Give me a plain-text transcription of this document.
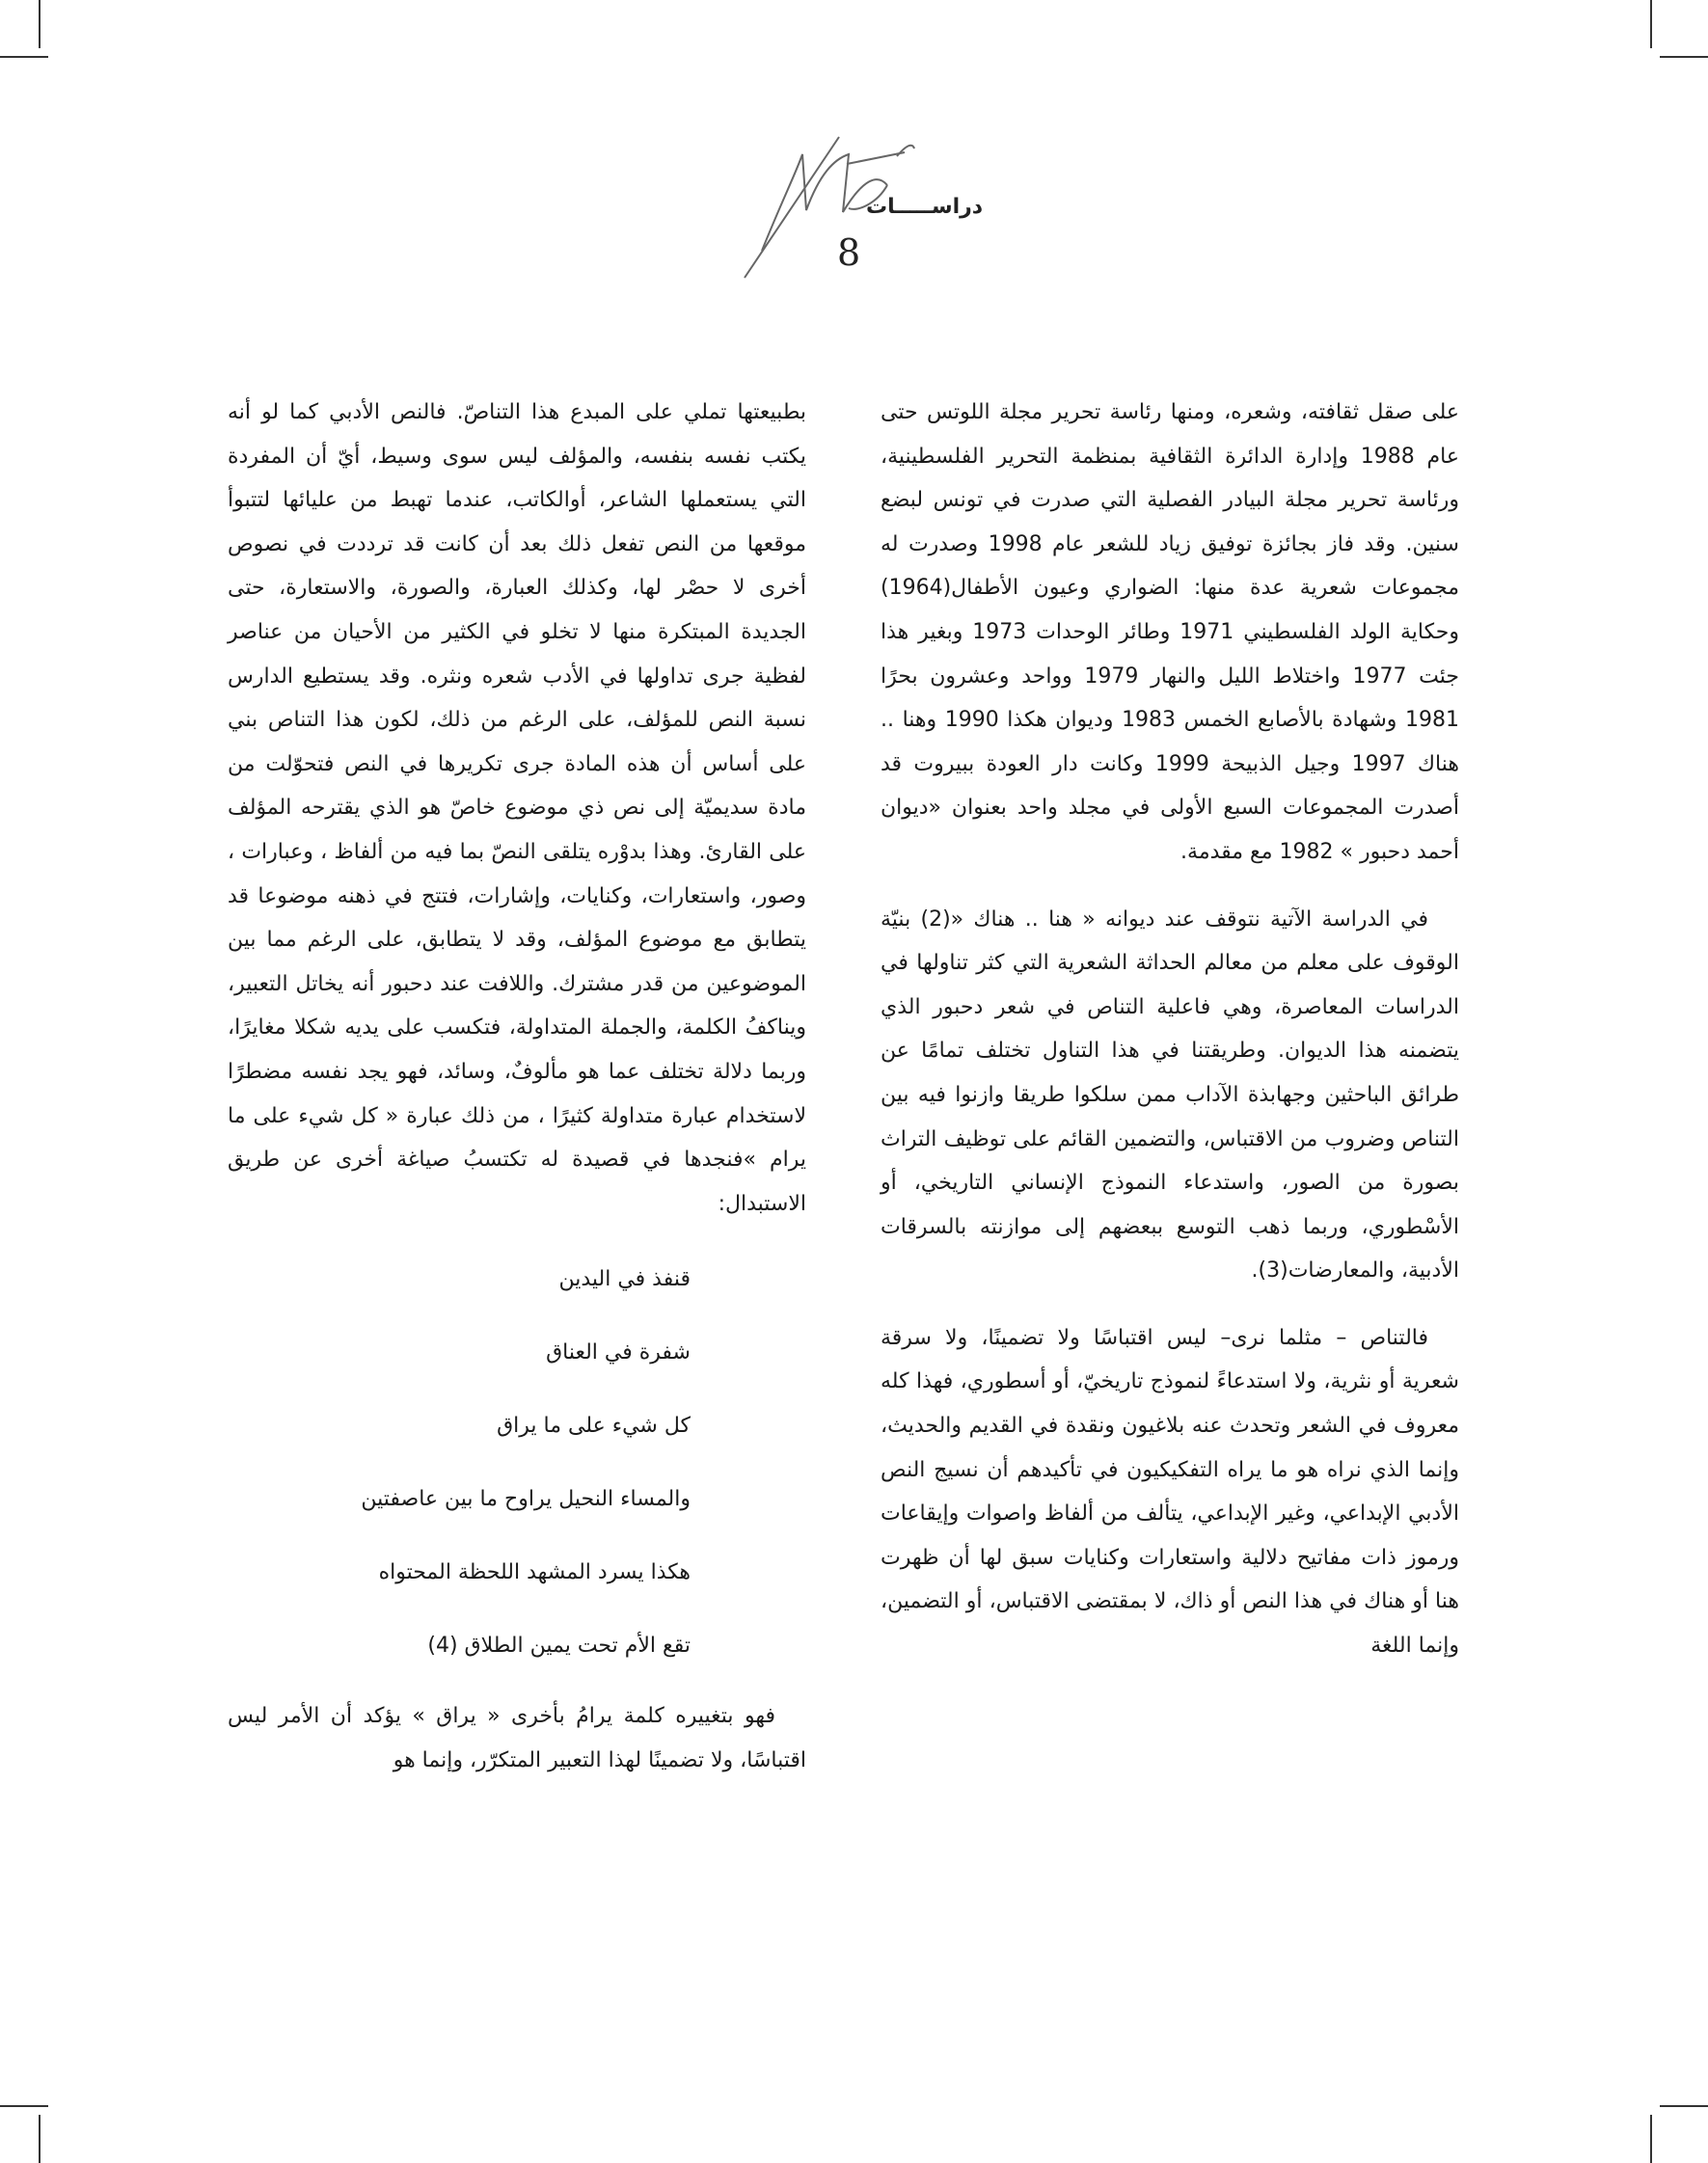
دراســـــات
8

على صقل ثقافته، وشعره، ومنها رئاسة تحرير مجلة اللوتس حتى عام 1988 وإدارة الدائرة الثقافية بمنظمة التحرير الفلسطينية، ورئاسة تحرير مجلة البيادر الفصلية التي صدرت في تونس لبضع سنين. وقد فاز بجائزة توفيق زياد للشعر عام 1998 وصدرت له مجموعات شعرية عدة منها: الضواري وعيون الأطفال(1964) وحكاية الولد الفلسطيني 1971 وطائر الوحدات 1973 وبغير هذا جئت 1977 واختلاط الليل والنهار 1979 وواحد وعشرون بحرًا 1981 وشهادة بالأصابع الخمس 1983 وديوان هكذا 1990 وهنا .. هناك 1997 وجيل الذبيحة 1999 وكانت دار العودة ببيروت قد أصدرت المجموعات السبع الأولى في مجلد واحد بعنوان «ديوان أحمد دحبور » 1982 مع مقدمة.

في الدراسة الآتية نتوقف عند ديوانه « هنا .. هناك «(2) بنيّة الوقوف على معلم من معالم الحداثة الشعرية التي كثر تناولها في الدراسات المعاصرة، وهي فاعلية التناص في شعر دحبور الذي يتضمنه هذا الديوان. وطريقتنا في هذا التناول تختلف تمامًا عن طرائق الباحثين وجهابذة الآداب ممن سلكوا طريقا وازنوا فيه بين التناص وضروب من الاقتباس، والتضمين القائم على توظيف التراث بصورة من الصور، واستدعاء النموذج الإنساني التاريخي، أو الأسْطوري، وربما ذهب التوسع ببعضهم إلى موازنته بالسرقات الأدبية، والمعارضات(3).

فالتناص – مثلما نرى– ليس اقتباسًا ولا تضمينًا، ولا سرقة شعرية أو نثرية، ولا استدعاءً لنموذج تاريخيّ، أو أسطوري، فهذا كله معروف في الشعر وتحدث عنه بلاغيون ونقدة في القديم والحديث، وإنما الذي نراه هو ما يراه التفكيكيون في تأكيدهم أن نسيج النص الأدبي الإبداعي، وغير الإبداعي، يتألف من ألفاظ واصوات وإيقاعات ورموز ذات مفاتيح دلالية واستعارات وكنايات سبق لها أن ظهرت هنا أو هناك في هذا النص أو ذاك، لا بمقتضى الاقتباس، أو التضمين، وإنما اللغة

بطبيعتها تملي على المبدع هذا التناصّ. فالنص الأدبي كما لو أنه يكتب نفسه بنفسه، والمؤلف ليس سوى وسيط، أيّ أن المفردة التي يستعملها الشاعر، أوالكاتب، عندما تهبط من عليائها لتتبوأ موقعها من النص تفعل ذلك بعد أن كانت قد ترددت في نصوص أخرى لا حصْر لها، وكذلك العبارة، والصورة، والاستعارة، حتى الجديدة المبتكرة منها لا تخلو في الكثير من الأحيان من عناصر لفظية جرى تداولها في الأدب شعره ونثره. وقد يستطيع الدارس نسبة النص للمؤلف، على الرغم من ذلك، لكون هذا التناص بني على أساس أن هذه المادة جرى تكريرها في النص فتحوّلت من مادة سديميّة إلى نص ذي موضوع خاصّ هو الذي يقترحه المؤلف على القارئ. وهذا بدوْره يتلقى النصّ بما فيه من ألفاظ ، وعبارات ، وصور، واستعارات، وكنايات، وإشارات، فتتج في ذهنه موضوعا قد يتطابق مع موضوع المؤلف، وقد لا يتطابق، على الرغم مما بين الموضوعين من قدر مشترك. واللافت عند دحبور أنه يخاتل التعبير، ويناكفُ الكلمة، والجملة المتداولة، فتكسب على يديه شكلا مغايرًا، وربما دلالة تختلف عما هو مألوفٌ، وسائد، فهو يجد نفسه مضطرًا لاستخدام عبارة متداولة كثيرًا ، من ذلك عبارة « كل شيء على ما يرام »فنجدها في قصيدة له تكتسبُ صياغة أخرى عن طريق الاستبدال:

قنفذ في اليدين
شفرة في العناق
كل شيء على ما يراق
والمساء النحيل يراوح ما بين عاصفتين
هكذا يسرد المشهد اللحظة المحتواه
تقع الأم تحت يمين الطلاق (4)

فهو بتغييره كلمة يرامُ بأخرى « يراق » يؤكد أن الأمر ليس اقتباسًا، ولا تضمينًا لهذا التعبير المتكرّر، وإنما هو
